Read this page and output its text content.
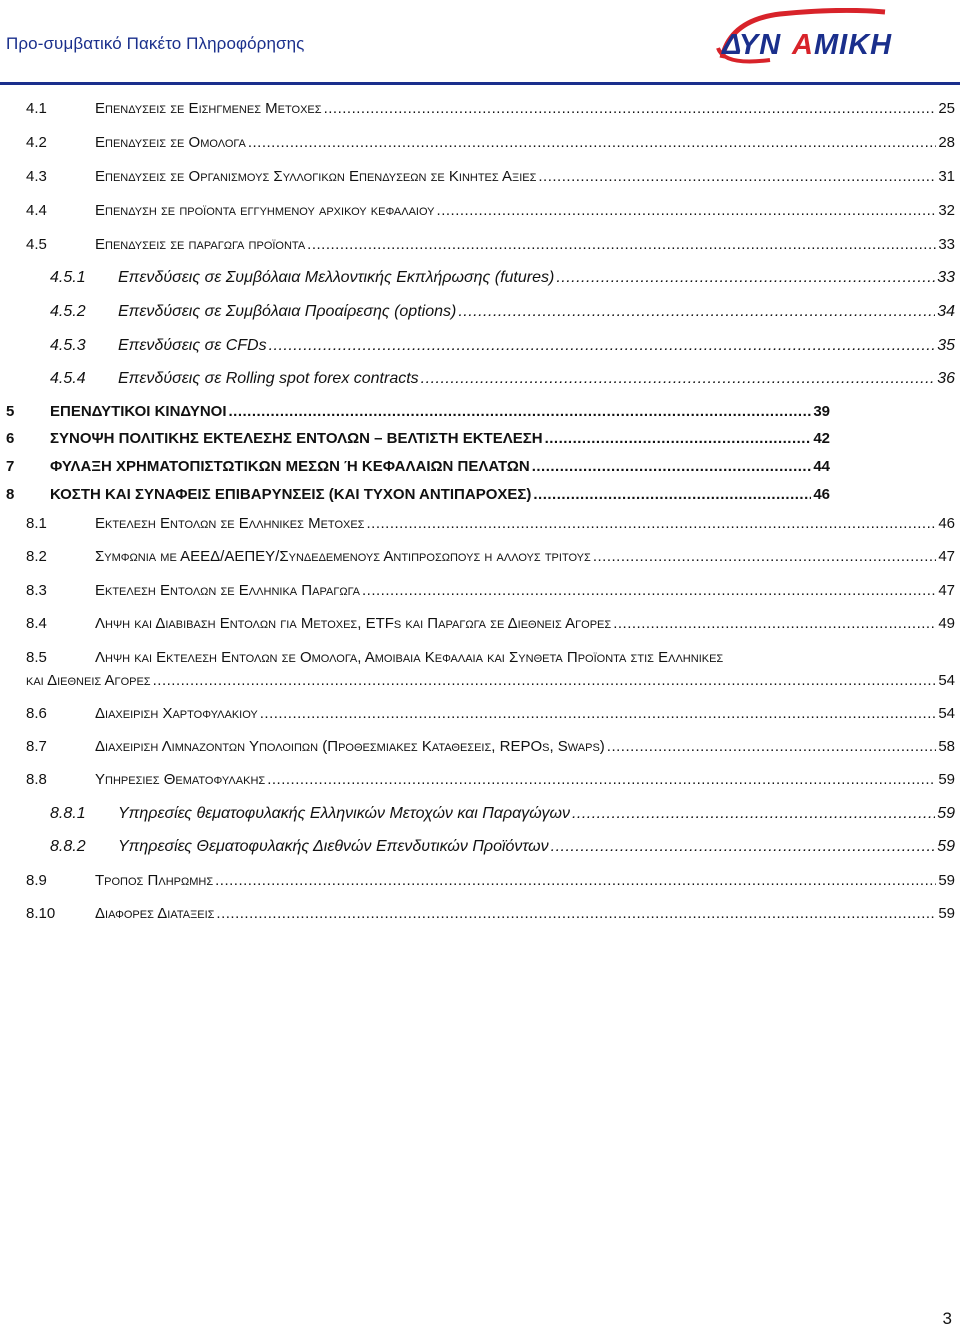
Προ-συμβατικό Πακέτο Πληροφόρησης	ΔΥΝ Α ΜΙΚΗ
4.1	Επενδυσεις σε Εισηγμενες Μετοχες .....	25
4.2	Επενδυσεις σε Ομολογα .....	28
4.3	Επενδυσεις σε Οργανισμους Συλλογικων Επενδυσεων σε Κινητες Αξιες .....	31
4.4	Επενδυση σε προϊοντα εγγυημενου αρχικου κεφαλαιου .....	32
4.5	Επενδυσεις σε παραγωγα προϊοντα .....	33
4.5.1 Επενδύσεις σε Συμβόλαια Μελλοντικής Εκπλήρωσης (futures) .....	33
4.5.2 Επενδύσεις σε Συμβόλαια Προαίρεσης (options) .....	34
4.5.3 Επενδύσεις σε CFDs .....	35
4.5.4 Επενδύσεις σε Rolling spot forex contracts .....	36
5 ΕΠΕΝΔΥΤΙΚΟΙ ΚΙΝΔΥΝΟΙ .....	39
6 ΣΥΝΟΨΗ ΠΟΛΙΤΙΚΗΣ ΕΚΤΕΛΕΣΗΣ ΕΝΤΟΛΩΝ – ΒΕΛΤΙΣΤΗ ΕΚΤΕΛΕΣΗ .....	42
7 ΦΥΛΑΞΗ ΧΡΗΜΑΤΟΠΙΣΤΩΤΙΚΩΝ ΜΕΣΩΝ Ή ΚΕΦΑΛΑΙΩΝ ΠΕΛΑΤΩΝ .....	44
8 ΚΟΣΤΗ ΚΑΙ ΣΥΝΑΦΕΙΣ ΕΠΙΒΑΡΥΝΣΕΙΣ (ΚΑΙ ΤΥΧΟΝ ΑΝΤΙΠΑΡΟΧΕΣ) .....	46
8.1	Εκτελεση Εντολων σε Ελληνικες Μετοχες .....	46
8.2	Συμφωνια με ΑΕΕΔ/ΑΕΠΕΥ/Συνδεδεμενους Αντιπροσωπους η αλλους τριτους .....	47
8.3	Εκτελεση Εντολων σε Ελληνικα Παραγωγα .....	47
8.4	Ληψη και Διαβιβαση Εντολων για Μετοχες, ETFs και Παραγωγα σε Διεθνεις Αγορες .....	49
8.5	Ληψη και Εκτελεση Εντολων σε Ομολογα, Αμοιβαια Κεφαλαια και Συνθετα Προϊοντα στις Ελληνικες
και Διεθνεις Αγορες .....	54
8.6	Διαχειριση Χαρτοφυλακιου .....	54
8.7	Διαχειριση Λιμναζοντων Υπολοιπων (Προθεσμιακες Καταθεσεις, REPOs, Swaps) .....	58
8.8	Υπηρεσιες Θεματοφυλακης .....	59
8.8.1 Υπηρεσίες θεματοφυλακής Ελληνικών Μετοχών και Παραγώγων .....	59
8.8.2 Υπηρεσίες Θεματοφυλακής Διεθνών Επενδυτικών Προϊόντων .....	59
8.9	Τροπος Πληρωμης .....	59
8.10	Διαφορες Διαταξεις .....	59
3
